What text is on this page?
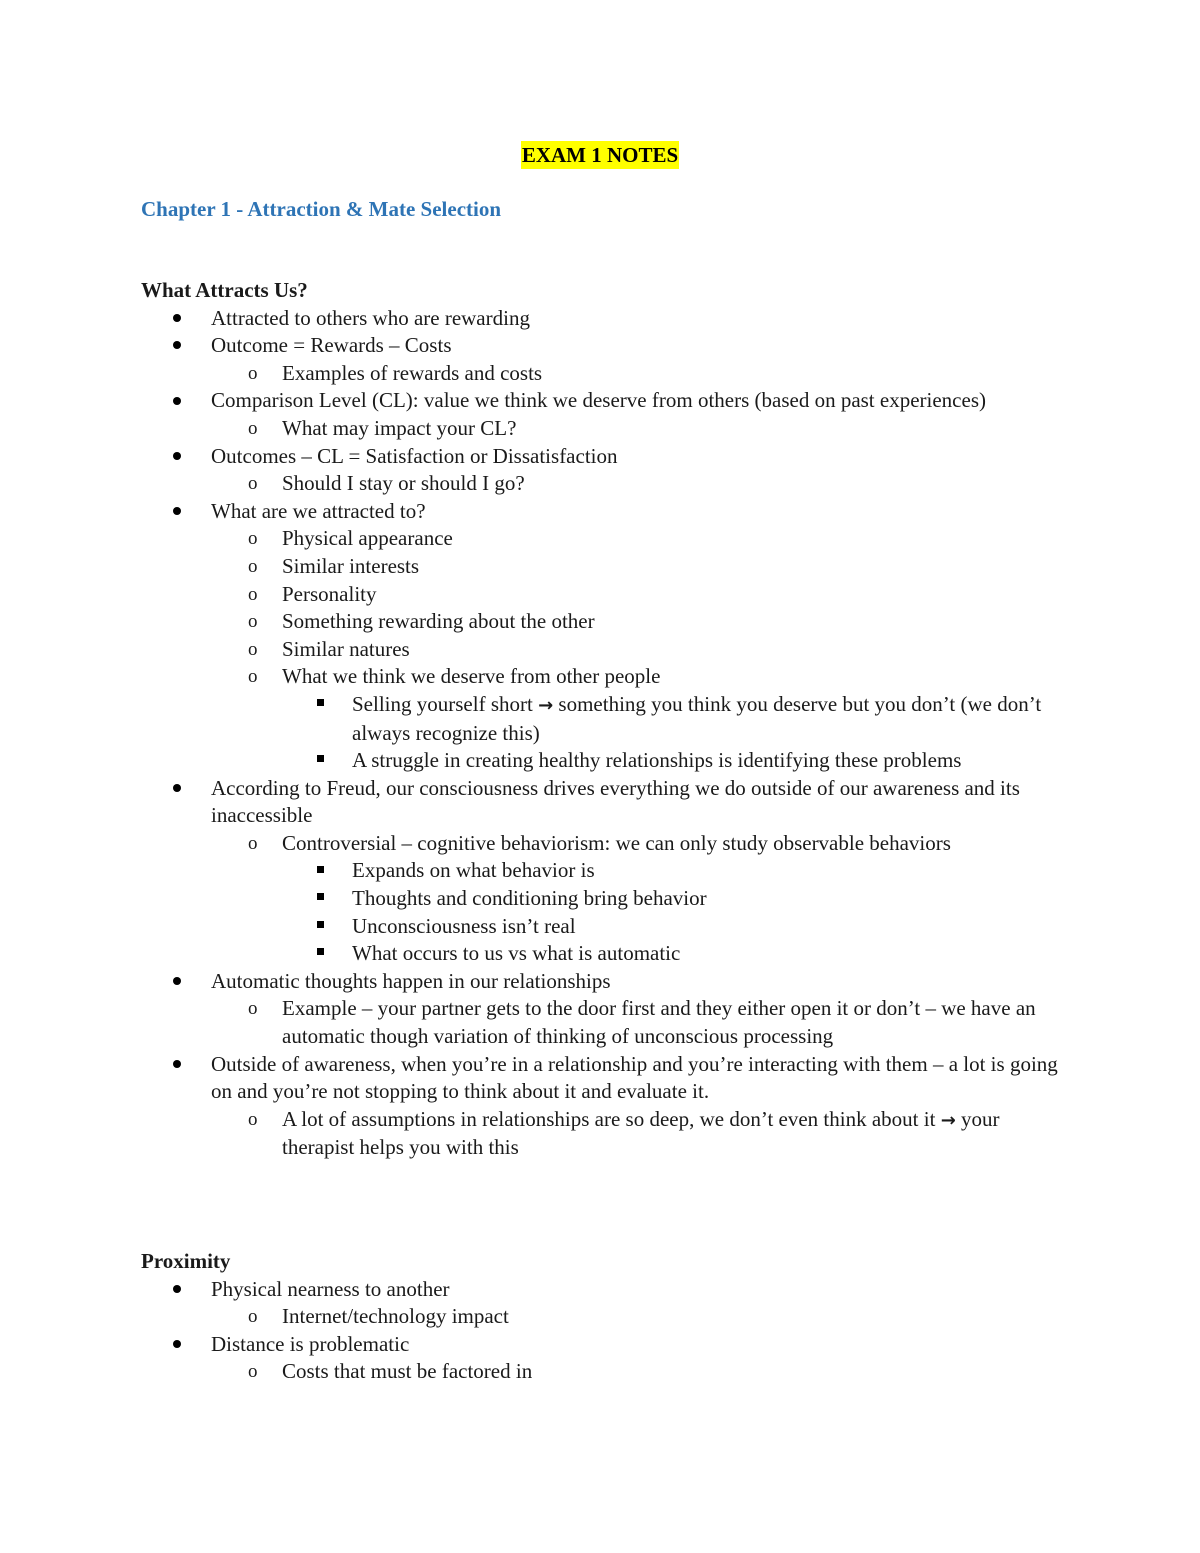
EXAM 1 NOTES
Chapter 1 - Attraction & Mate Selection

What Attracts Us?

Attracted to others who are rewarding
Outcome = Rewards – Costs
o Examples of rewards and costs
Comparison Level (CL): value we think we deserve from others (based on past experiences)
o What may impact your CL?
Outcomes – CL = Satisfaction or Dissatisfaction
o Should I stay or should I go?
What are we attracted to?
o Physical appearance
o Similar interests
o Personality
o Something rewarding about the other
o Similar natures
o What we think we deserve from other people
Selling yourself short → something you think you deserve but you don’t (we don’t always recognize this)
A struggle in creating healthy relationships is identifying these problems
According to Freud, our consciousness drives everything we do outside of our awareness and its inaccessible
o Controversial – cognitive behaviorism: we can only study observable behaviors
Expands on what behavior is
Thoughts and conditioning bring behavior
Unconsciousness isn’t real
What occurs to us vs what is automatic
Automatic thoughts happen in our relationships
o Example – your partner gets to the door first and they either open it or don’t – we have an automatic though variation of thinking of unconscious processing
Outside of awareness, when you’re in a relationship and you’re interacting with them – a lot is going on and you’re not stopping to think about it and evaluate it.
o A lot of assumptions in relationships are so deep, we don’t even think about it → your therapist helps you with this

Proximity

Physical nearness to another
o Internet/technology impact
Distance is problematic
o Costs that must be factored in
